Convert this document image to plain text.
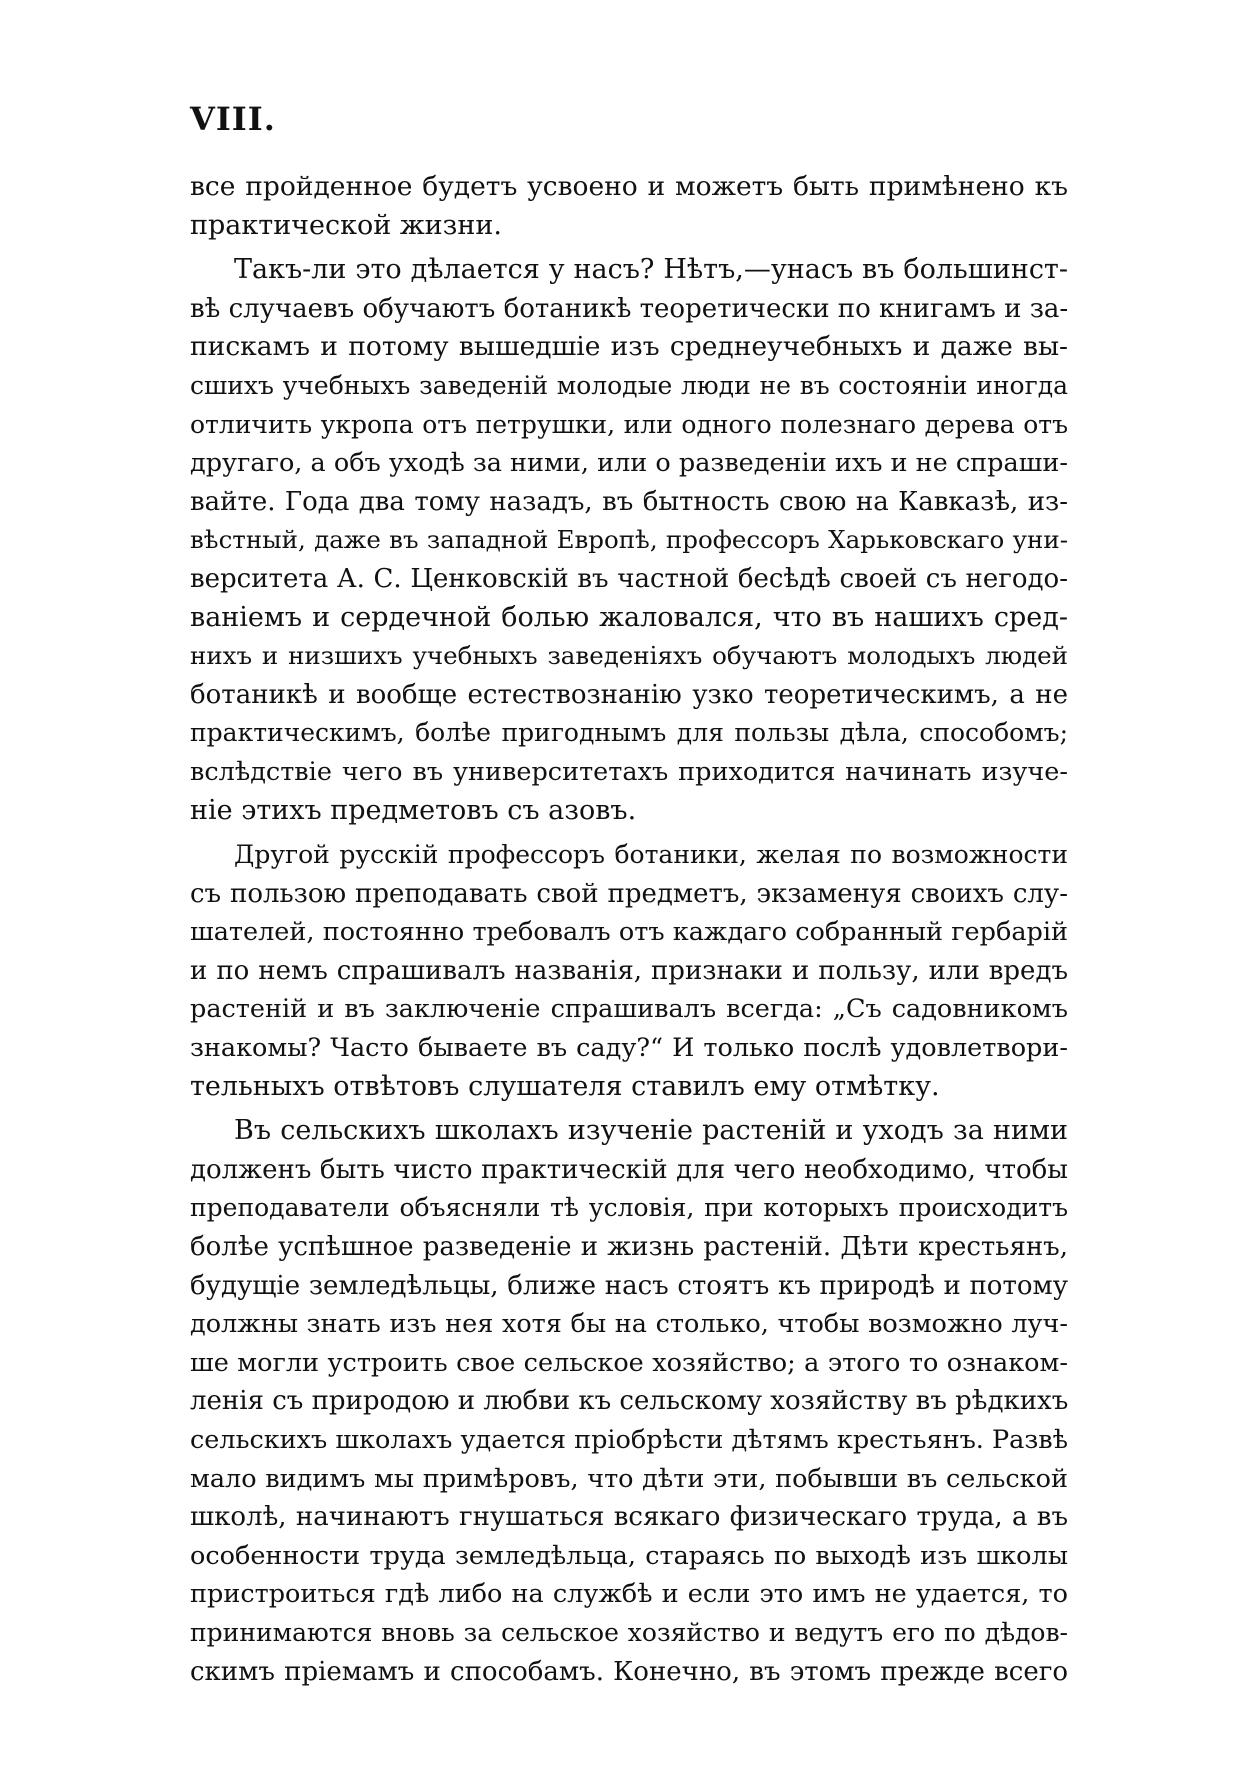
VIII.
все пройденное будетъ усвоено и можетъ быть примѣнено къ
практической жизни.
Такъ-ли это дѣлается у насъ? Нѣтъ,—унасъ въ большинст-
вѣ случаевъ обучаютъ ботаникѣ теоретически по книгамъ и за-
пискамъ и потому вышедшіе изъ среднеучебныхъ и даже вы-
сшихъ учебныхъ заведеній молодые люди не въ состояніи иногда
отличить укропа отъ петрушки, или одного полезнаго дерева отъ
другаго, а объ уходѣ за ними, или о разведеніи ихъ и не спраши-
вайте. Года два тому назадъ, въ бытность свою на Кавказѣ, из-
вѣстный, даже въ западной Европѣ, профессоръ Харьковскаго уни-
верситета А. С. Ценковскій въ частной бесѣдѣ своей съ негодо-
ваніемъ и сердечной болью жаловался, что въ нашихъ сред-
нихъ и низшихъ учебныхъ заведеніяхъ обучаютъ молодыхъ людей
ботаникѣ и вообще естествознанію узко теоретическимъ, а не
практическимъ, болѣе пригоднымъ для пользы дѣла, способомъ;
вслѣдствіе чего въ университетахъ приходится начинать изуче-
ніе этихъ предметовъ съ азовъ.
Другой русскій профессоръ ботаники, желая по возможности
съ пользою преподавать свой предметъ, экзаменуя своихъ слу-
шателей, постоянно требовалъ отъ каждаго собранный гербарій
и по немъ спрашивалъ названія, признаки и пользу, или вредъ
растеній и въ заключеніе спрашивалъ всегда: „Съ садовникомъ
знакомы? Часто бываете въ саду?“ И только послѣ удовлетвори-
тельныхъ отвѣтовъ слушателя ставилъ ему отмѣтку.
Въ сельскихъ школахъ изученіе растеній и уходъ за ними
долженъ быть чисто практическій для чего необходимо, чтобы
преподаватели объясняли тѣ условія, при которыхъ происходитъ
болѣе успѣшное разведеніе и жизнь растеній. Дѣти крестьянъ,
будущіе земледѣльцы, ближе насъ стоятъ къ природѣ и потому
должны знать изъ нея хотя бы на столько, чтобы возможно луч-
ше могли устроить свое сельское хозяйство; а этого то ознаком-
ленія съ природою и любви къ сельскому хозяйству въ рѣдкихъ
сельскихъ школахъ удается пріобрѣсти дѣтямъ крестьянъ. Развѣ
мало видимъ мы примѣровъ, что дѣти эти, побывши въ сельской
школѣ, начинаютъ гнушаться всякаго физическаго труда, а въ
особенности труда земледѣльца, стараясь по выходѣ изъ школы
пристроиться гдѣ либо на службѣ и если это имъ не удается, то
принимаются вновь за сельское хозяйство и ведутъ его по дѣдов-
скимъ пріемамъ и способамъ. Конечно, въ этомъ прежде всего
